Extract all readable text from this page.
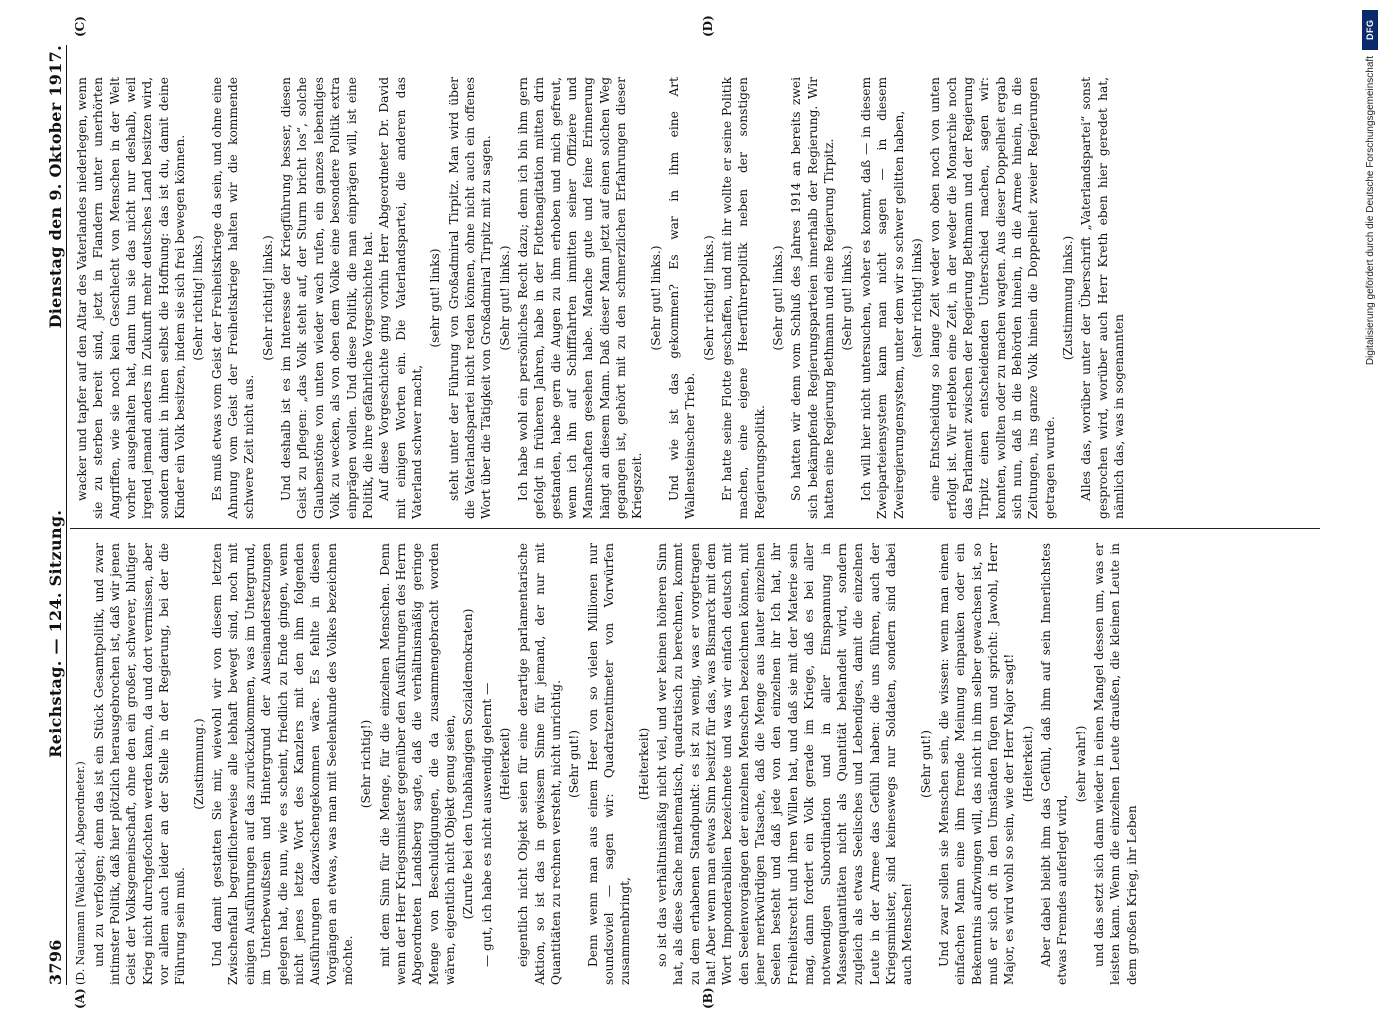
3796
Reichstag. — 124. Sitzung.
Dienstag den 9. Oktober 1917.
(A)	(B)
(C)	(D)

(D. Naumann [Waldeck], Abgeordneter.) und zu verfolgen; denn das ist ein Stück Gesamtpolitik, und zwar intimster Politik, daß hier plötzlich herausgebrochen ist, daß wir jenen Geist der Volksgemeinschaft, ohne den ein großer, schwerer, blutiger Krieg nicht durchgefochten werden kann, da und dort vermissen, aber vor allem auch leider an der Stelle in der Regierung, bei der die Führung sein muß.

(Zustimmung.) Und damit gestatten Sie mir, wiewohl wir von diesem letzten Zwischenfall begreiflicherweise alle lebhaft bewegt sind, noch mit einigen Ausführungen auf das zurückzukommen, was im Untergrund, im Unterbewußtsein und Hintergrund der Auseinandersetzungen gelegen hat, die nun, wie es scheint, friedlich zu Ende gingen, wenn nicht jenes letzte Wort des Kanzlers mit den ihm folgenden Ausführungen dazwischengekommen wäre. Es fehlte in diesen Vorgängen an etwas, was man mit Seelenkunde des Volkes bezeichnen möchte.

(Sehr richtig!) mit dem Sinn für die Menge, für die einzelnen Menschen. Denn wenn der Herr Kriegsminister gegenüber den Ausführungen des Herrn Abgeordneten Landsberg sagte, daß die verhältnismäßig geringe Menge von Beschuldigungen, die da zusammengebracht worden wären, eigentlich nicht Objekt genug seien, (Zurufe bei den Unabhängigen Sozialdemokraten) — gut, ich habe es nicht auswendig gelernt — (Heiterkeit) eigentlich nicht Objekt seien für eine derartige parlamentarische Aktion, so ist das in gewissem Sinne für jemand, der nur mit Quantitäten zu rechnen versteht, nicht unrichtig. (Sehr gut!) Denn wenn man aus einem Heer von so vielen Millionen nur soundsoviel — sagen wir: Quadratzentimeter von Vorwürfen zusammenbringt,

(Heiterkeit) so ist das verhältnismäßig nicht viel, und wer keinen höheren Sinn hat, als diese Sache mathematisch, quadratisch zu berechnen, kommt zu dem erhabenen Standpunkt: es ist zu wenig, was er vorgetragen hat! Aber wenn man etwas Sinn besitzt für das, was Bismarck mit dem Wort Imponderabilien bezeichnete und was wir einfach deutsch mit den Seelenvorgängen der einzelnen Menschen bezeichnen können, mit jener merkwürdigen Tatsache, daß die Menge aus lauter einzelnen Seelen besteht und daß jede von den einzelnen ihr Ich hat, ihr Freiheitsrecht und ihren Willen hat, und daß sie mit der Materie sein mag, dann fordert ein Volk gerade im Kriege, daß es bei aller notwendigen Subordination und in aller Einspannung in Massenquantitäten nicht als Quantität behandelt wird, sondern zugleich als etwas Seelisches und Lebendiges, damit die einzelnen Leute in der Armee das Gefühl haben: die uns führen, auch der Kriegsminister, sind keineswegs nur Soldaten, sondern sind dabei auch Menschen!

(Sehr gut!) Und zwar sollen sie Menschen sein, die wissen: wenn man einem einfachen Mann eine ihm fremde Meinung einpauken oder ein Bekenntnis aufzwingen will, das nicht in ihm selber gewachsen ist, so muß er sich oft in den Umständen fügen und spricht: Jawohl, Herr Major, es wird wohl so sein, wie der Herr Major sagt! (Heiterkeit.) Aber dabei bleibt ihm das Gefühl, daß ihm auf sein Innerlichstes etwas Fremdes auferlegt wird,

(sehr wahr!) und das setzt sich dann wieder in einen Mangel dessen um, was er leisten kann. Wenn die einzelnen Leute draußen, die kleinen Leute in dem großen Krieg, ihr Leben

wacker und tapfer auf den Altar des Vaterlandes niederlegen, wenn sie zu sterben bereit sind, jetzt in Flandern unter unerhörten Angriffen, wie sie noch kein Geschlecht von Menschen in der Welt vorher ausgehalten hat, dann tun sie das nicht nur deshalb, weil irgend jemand anders in Zukunft mehr deutsches Land besitzen wird, sondern damit in ihnen selbst die Hoffnung: das ist du, damit deine Kinder ein Volk besitzen, indem sie sich frei bewegen können. (Sehr richtig! links.) Es muß etwas vom Geist der Freiheitskriege da sein, und ohne eine Ahnung vom Geist der Freiheitskriege halten wir die kommende schwere Zeit nicht aus.

(Sehr richtig! links.) Und deshalb ist es im Interesse der Kriegführung besser, diesen Geist zu pflegen: „das Volk steht auf, der Sturm bricht los“, solche Glaubenstöne von unten wieder wach rufen, ein ganzes lebendiges Volk zu wecken, als von oben dem Volke eine besondere Politik extra einprägen wollen. Und diese Politik, die man einprägen will, ist eine Politik, die ihre gefährliche Vorgeschichte hat. Auf diese Vorgeschichte ging vorhin Herr Abgeordneter Dr. David mit einigen Worten ein. Die Vaterlandspartei, die anderen das Vaterland schwer macht,

(sehr gut! links) steht unter der Führung von Großadmiral Tirpitz. Man wird über die Vaterlandspartei nicht reden können, ohne nicht auch ein offenes Wort über die Tätigkeit von Großadmiral Tirpitz mit zu sagen. (Sehr gut! links.) Ich habe wohl ein persönliches Recht dazu; denn ich bin ihm gern gefolgt in früheren Jahren, habe in der Flottenagitation mitten drin gestanden, habe gern die Augen zu ihm erhoben und mich gefreut, wenn ich ihn auf Schifffahrten inmitten seiner Offiziere und Mannschaften gesehen habe. Manche gute und feine Erinnerung hängt an diesem Mann. Daß dieser Mann jetzt auf einen solchen Weg gegangen ist, gehört mit zu den schmerzlichen Erfahrungen dieser Kriegszeit.

(Sehr gut! links.) Und wie ist das gekommen? Es war in ihm eine Art Wallensteinscher Trieb.

(Sehr richtig! links.) Er hatte seine Flotte geschaffen, und mit ihr wollte er seine Politik machen, eine eigene Heerführerpolitik neben der sonstigen Regierungspolitik.

(Sehr gut! links.) So hatten wir denn vom Schluß des Jahres 1914 an bereits zwei sich bekämpfende Regierungsparteien innerhalb der Regierung. Wir hatten eine Regierung Bethmann und eine Regierung Tirpitz. (Sehr gut! links.) Ich will hier nicht untersuchen, woher es kommt, daß — in diesem Zweiparteiensystem kann man nicht sagen — in diesem Zweiregierungensystem, unter dem wir so schwer gelitten haben, (sehr richtig! links) eine Entscheidung so lange Zeit weder von oben noch von unten erfolgt ist. Wir erlebten eine Zeit, in der weder die Monarchie noch das Parlament zwischen der Regierung Bethmann und der Regierung Tirpitz einen entscheidenden Unterschied machen, sagen wir: konnten, wollten oder zu machen wagten. Aus dieser Doppelheit ergab sich nun, daß in die Behörden hinein, in die Armee hinein, in die Zeitungen, ins ganze Volk hinein die Doppelheit zweier Regierungen getragen wurde.

(Zustimmung links.) Alles das, worüber unter der Überschrift „Vaterlandspartei“ sonst gesprochen wird, worüber auch Herr Kreth eben hier geredet hat, nämlich das, was in sogenannten

DFG
Digitalisierung gefördert durch die Deutsche Forschungsgemeinschaft
